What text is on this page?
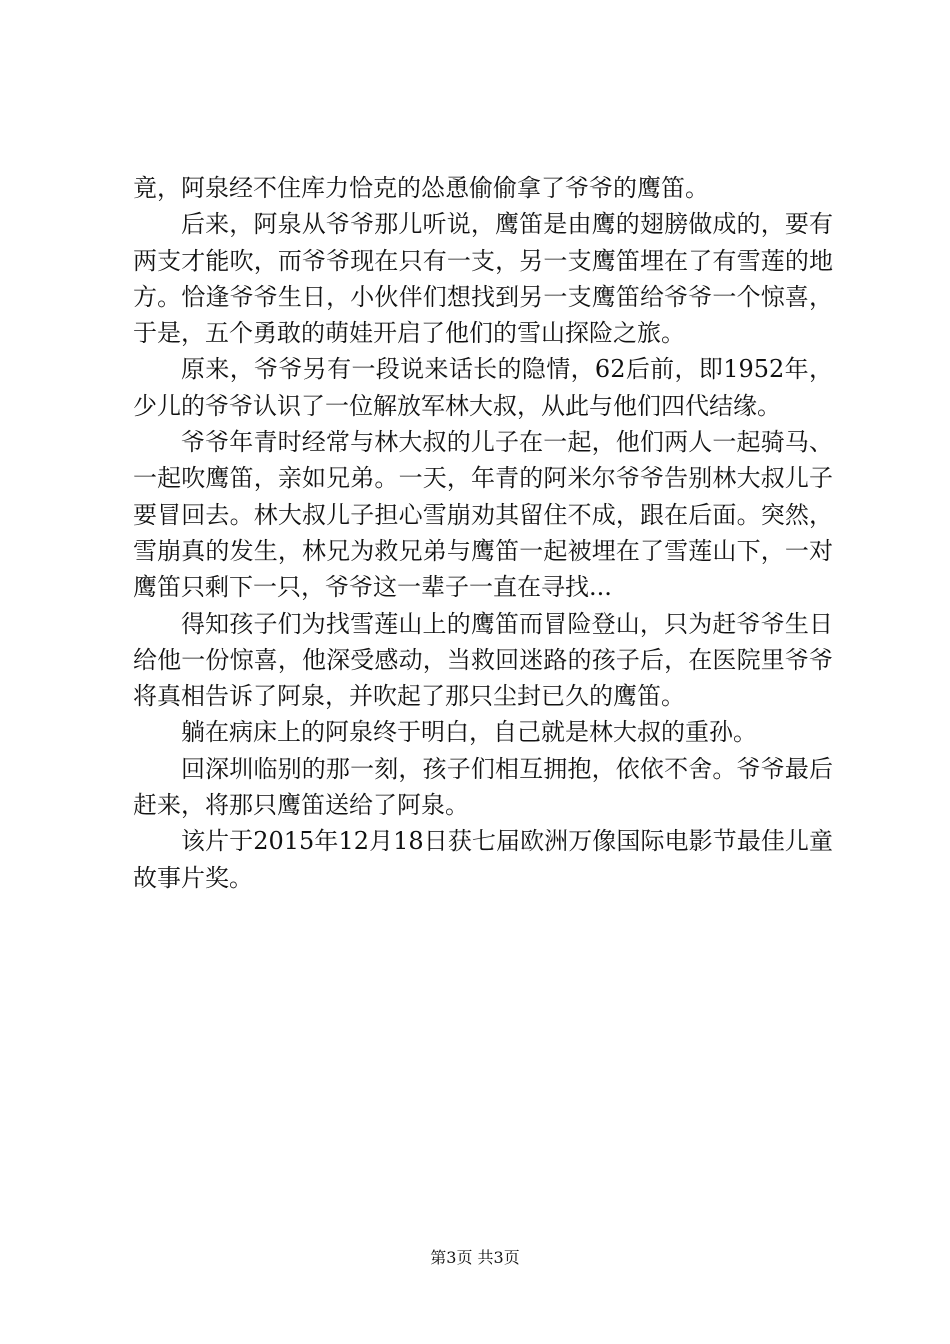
竟，阿泉经不住库力恰克的怂恿偷偷拿了爷爷的鹰笛。

后来，阿泉从爷爷那儿听说，鹰笛是由鹰的翅膀做成的，要有两支才能吹，而爷爷现在只有一支，另一支鹰笛埋在了有雪莲的地方。恰逢爷爷生日，小伙伴们想找到另一支鹰笛给爷爷一个惊喜，于是，五个勇敢的萌娃开启了他们的雪山探险之旅。

原来，爷爷另有一段说来话长的隐情，62后前，即1952年，少儿的爷爷认识了一位解放军林大叔，从此与他们四代结缘。

爷爷年青时经常与林大叔的儿子在一起，他们两人一起骑马、一起吹鹰笛，亲如兄弟。一天，年青的阿米尔爷爷告别林大叔儿子要冒回去。林大叔儿子担心雪崩劝其留住不成，跟在后面。突然，雪崩真的发生，林兄为救兄弟与鹰笛一起被埋在了雪莲山下，一对鹰笛只剩下一只，爷爷这一辈子一直在寻找...

得知孩子们为找雪莲山上的鹰笛而冒险登山，只为赶爷爷生日给他一份惊喜，他深受感动，当救回迷路的孩子后，在医院里爷爷将真相告诉了阿泉，并吹起了那只尘封已久的鹰笛。

躺在病床上的阿泉终于明白，自己就是林大叔的重孙。

回深圳临别的那一刻，孩子们相互拥抱，依依不舍。爷爷最后赶来，将那只鹰笛送给了阿泉。

该片于2015年12月18日获七届欧洲万像国际电影节最佳儿童故事片奖。

第3页 共3页
